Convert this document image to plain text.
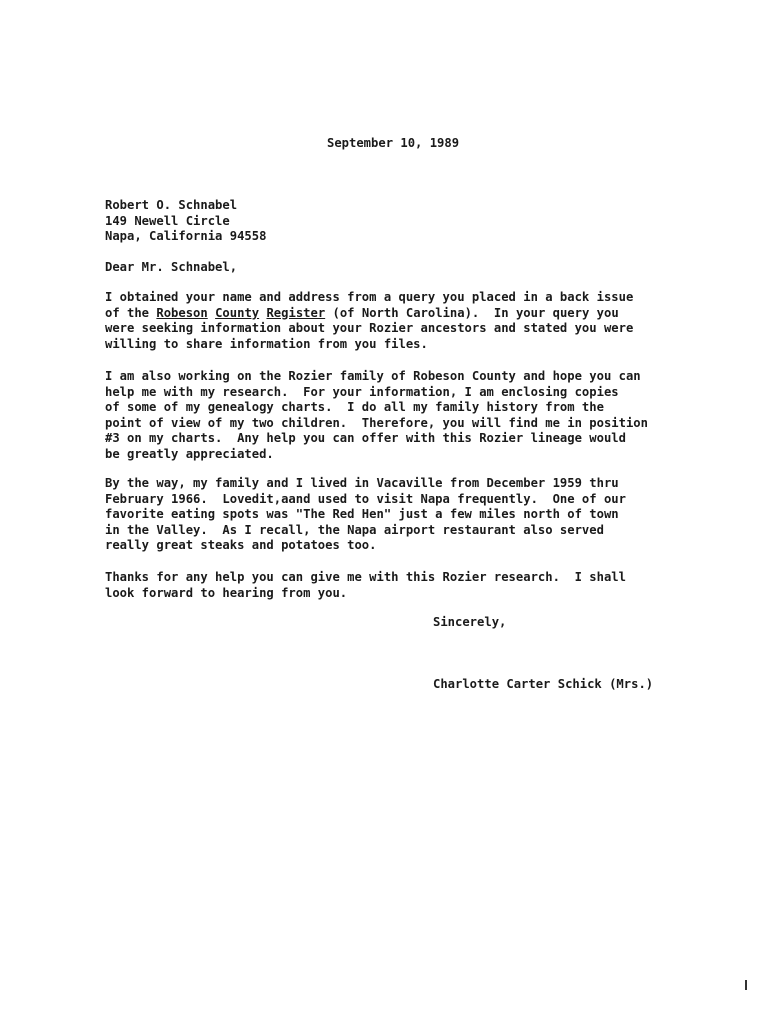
September 10, 1989
Robert O. Schnabel
149 Newell Circle
Napa, California 94558
Dear Mr. Schnabel,
I obtained your name and address from a query you placed in a back issue
of the Robeson County Register (of North Carolina).  In your query you
were seeking information about your Rozier ancestors and stated you were
willing to share information from you files.
I am also working on the Rozier family of Robeson County and hope you can
help me with my research.  For your information, I am enclosing copies
of some of my genealogy charts.  I do all my family history from the
point of view of my two children.  Therefore, you will find me in position
#3 on my charts.  Any help you can offer with this Rozier lineage would
be greatly appreciated.
By the way, my family and I lived in Vacaville from December 1959 thru
February 1966.  Lovedit,aand used to visit Napa frequently.  One of our
favorite eating spots was "The Red Hen" just a few miles north of town
in the Valley.  As I recall, the Napa airport restaurant also served
really great steaks and potatoes too.
Thanks for any help you can give me with this Rozier research.  I shall
look forward to hearing from you.
Sincerely,
Charlotte Carter Schick (Mrs.)
